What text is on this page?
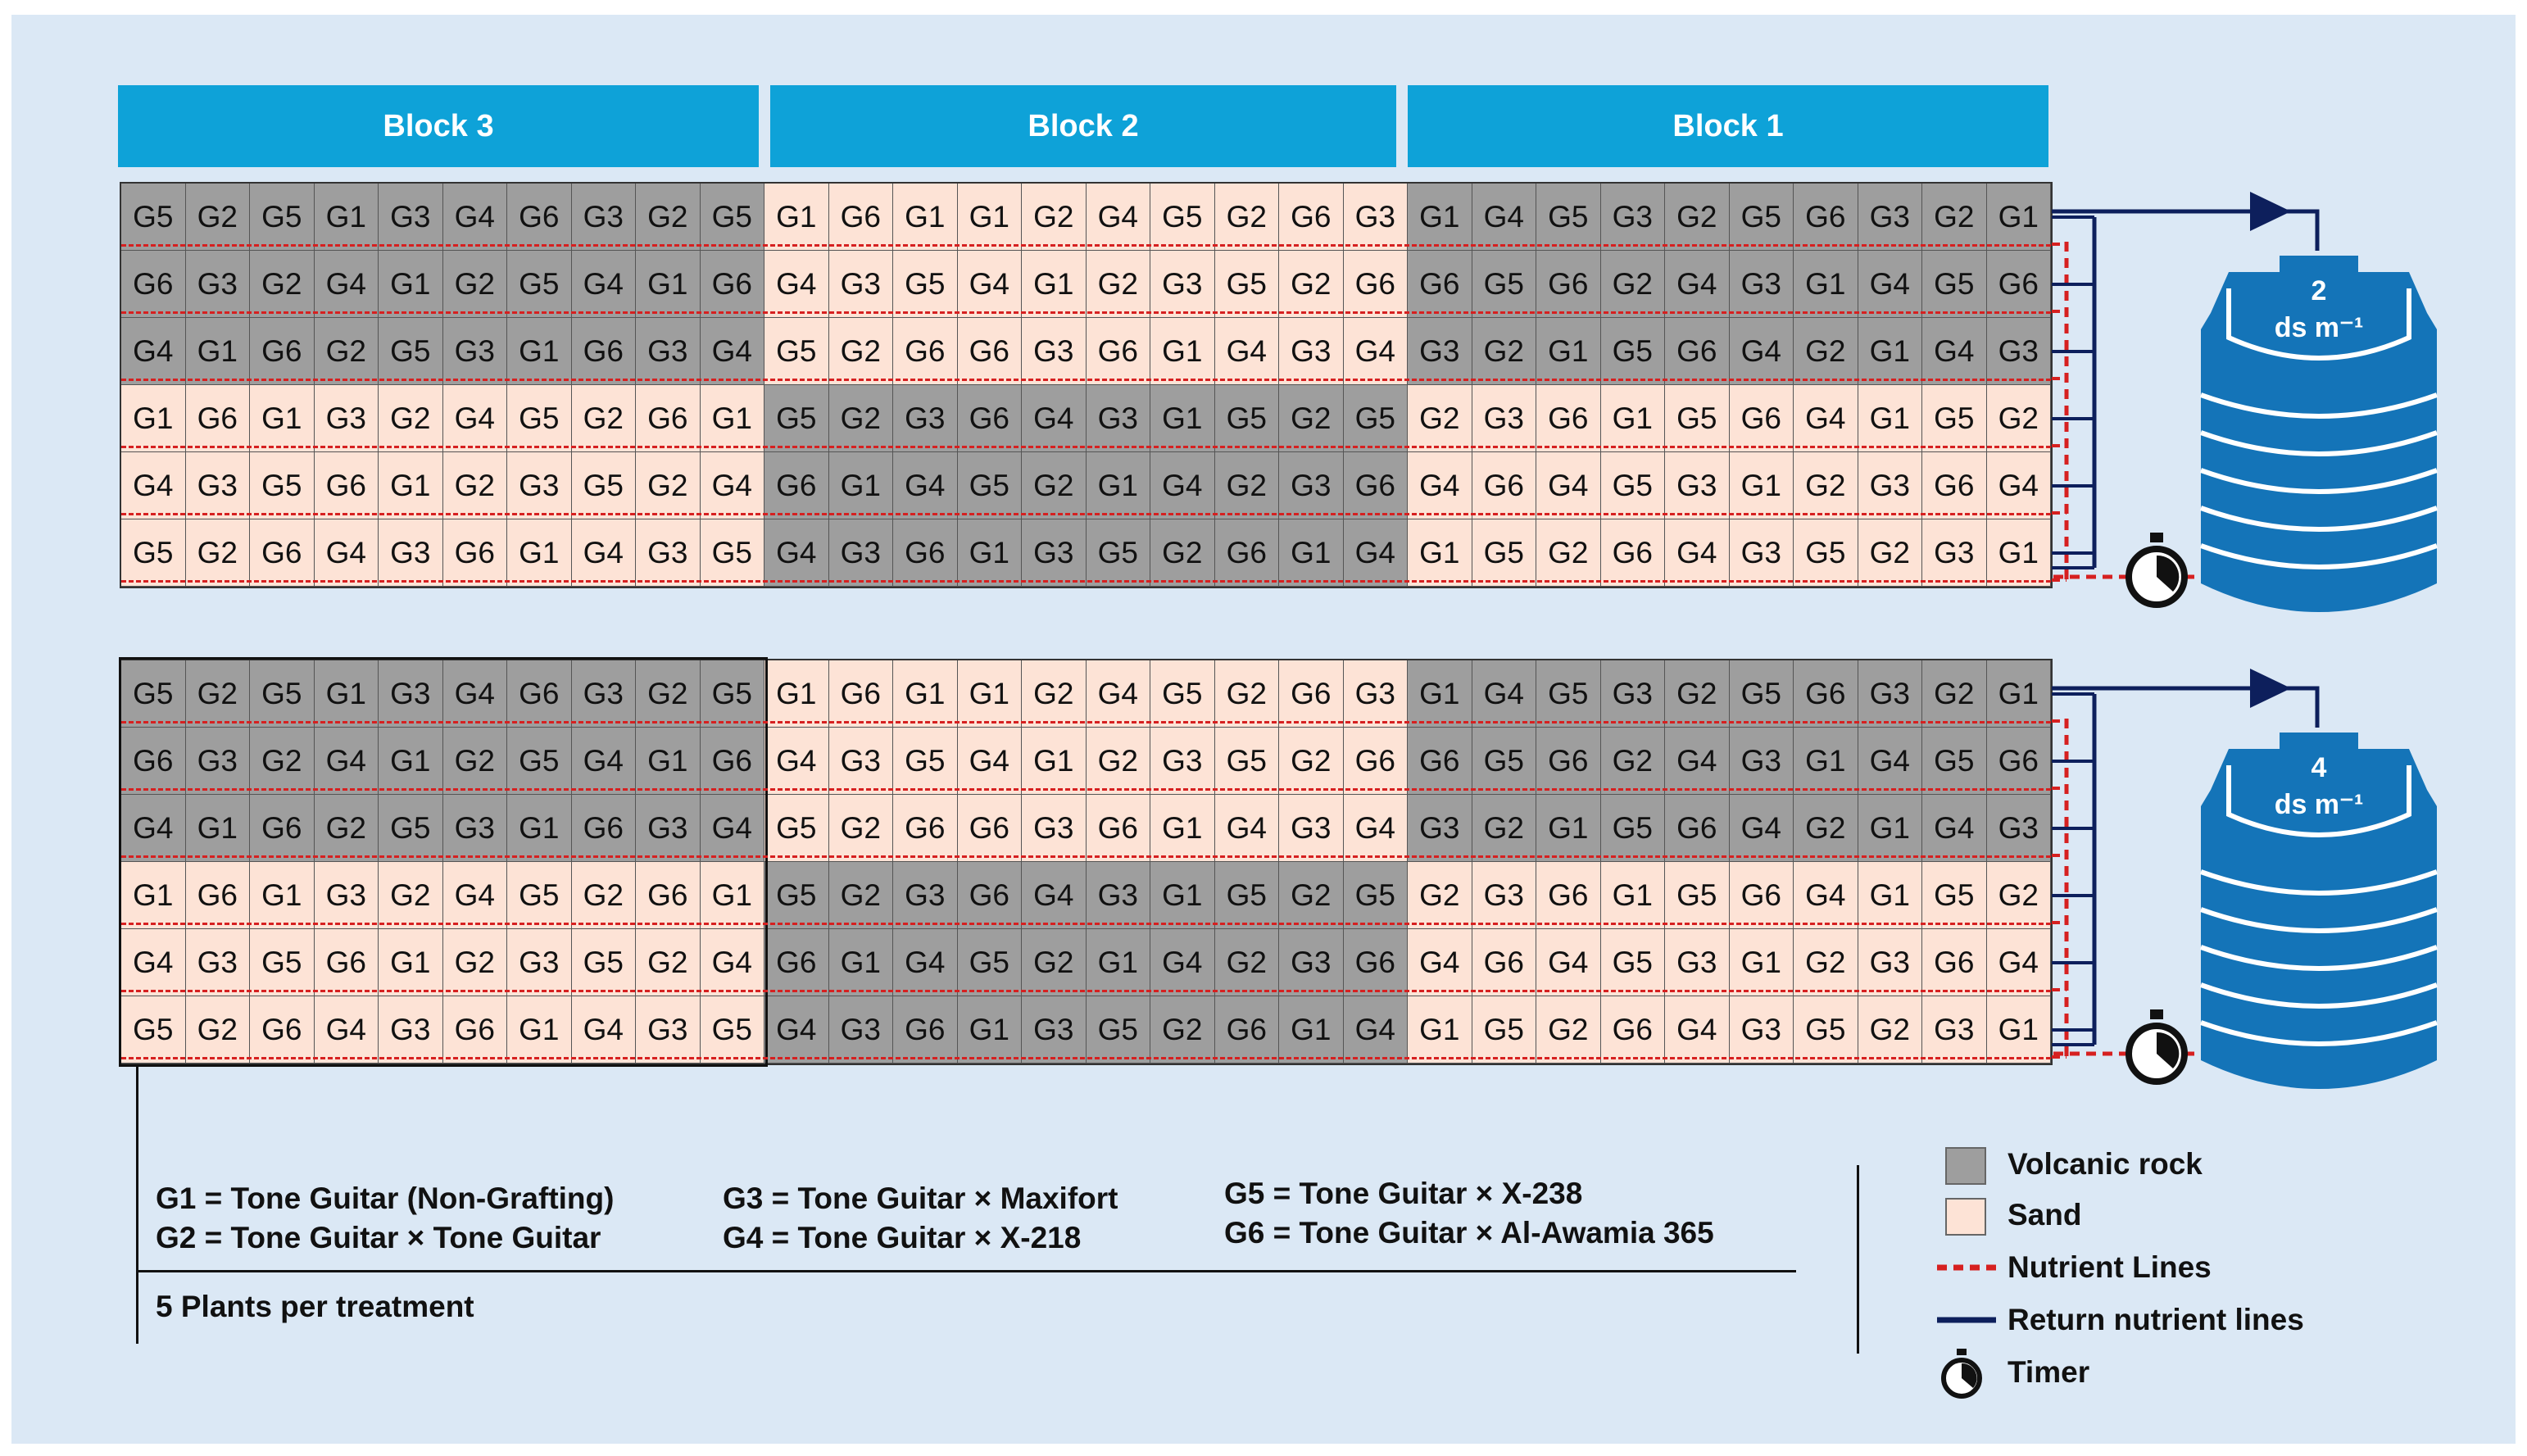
Block 3	Block 2	Block 1
G5 G2 G5 G1 G3 G4 G6 G3 G2 G5 G1 G6 G1 G1 G2 G4 G5 G2 G6 G3 G1 G4 G5 G3 G2 G5 G6 G3 G2 G1
G6 G3 G2 G4 G1 G2 G5 G4 G1 G6 G4 G3 G5 G4 G1 G2 G3 G5 G2 G6 G6 G5 G6 G2 G4 G3 G1 G4 G5 G6
G4 G1 G6 G2 G5 G3 G1 G6 G3 G4 G5 G2 G6 G6 G3 G6 G1 G4 G3 G4 G3 G2 G1 G5 G6 G4 G2 G1 G4 G3
G1 G6 G1 G3 G2 G4 G5 G2 G6 G1 G5 G2 G3 G6 G4 G3 G1 G5 G2 G5 G2 G3 G6 G1 G5 G6 G4 G1 G5 G2
G4 G3 G5 G6 G1 G2 G3 G5 G2 G4 G6 G1 G4 G5 G2 G1 G4 G2 G3 G6 G4 G6 G4 G5 G3 G1 G2 G3 G6 G4
G5 G2 G6 G4 G3 G6 G1 G4 G3 G5 G4 G3 G6 G1 G3 G5 G2 G6 G1 G4 G1 G5 G2 G6 G4 G3 G5 G2 G3 G1
G5 G2 G5 G1 G3 G4 G6 G3 G2 G5 G1 G6 G1 G1 G2 G4 G5 G2 G6 G3 G1 G4 G5 G3 G2 G5 G6 G3 G2 G1
G6 G3 G2 G4 G1 G2 G5 G4 G1 G6 G4 G3 G5 G4 G1 G2 G3 G5 G2 G6 G6 G5 G6 G2 G4 G3 G1 G4 G5 G6
G4 G1 G6 G2 G5 G3 G1 G6 G3 G4 G5 G2 G6 G6 G3 G6 G1 G4 G3 G4 G3 G2 G1 G5 G6 G4 G2 G1 G4 G3
G1 G6 G1 G3 G2 G4 G5 G2 G6 G1 G5 G2 G3 G6 G4 G3 G1 G5 G2 G5 G2 G3 G6 G1 G5 G6 G4 G1 G5 G2
G4 G3 G5 G6 G1 G2 G3 G5 G2 G4 G6 G1 G4 G5 G2 G1 G4 G2 G3 G6 G4 G6 G4 G5 G3 G1 G2 G3 G6 G4
G5 G2 G6 G4 G3 G6 G1 G4 G3 G5 G4 G3 G6 G1 G3 G5 G2 G6 G1 G4 G1 G5 G2 G6 G4 G3 G5 G2 G3 G1
2
ds m⁻¹
4
ds m⁻¹
G1 = Tone Guitar (Non-Grafting)
G2 = Tone Guitar × Tone Guitar
G3 = Tone Guitar × Maxifort
G4 = Tone Guitar × X-218
G5 = Tone Guitar × X-238
G6 = Tone Guitar × Al-Awamia 365
5 Plants per treatment
Volcanic rock
Sand
Nutrient Lines
Return nutrient lines
Timer
